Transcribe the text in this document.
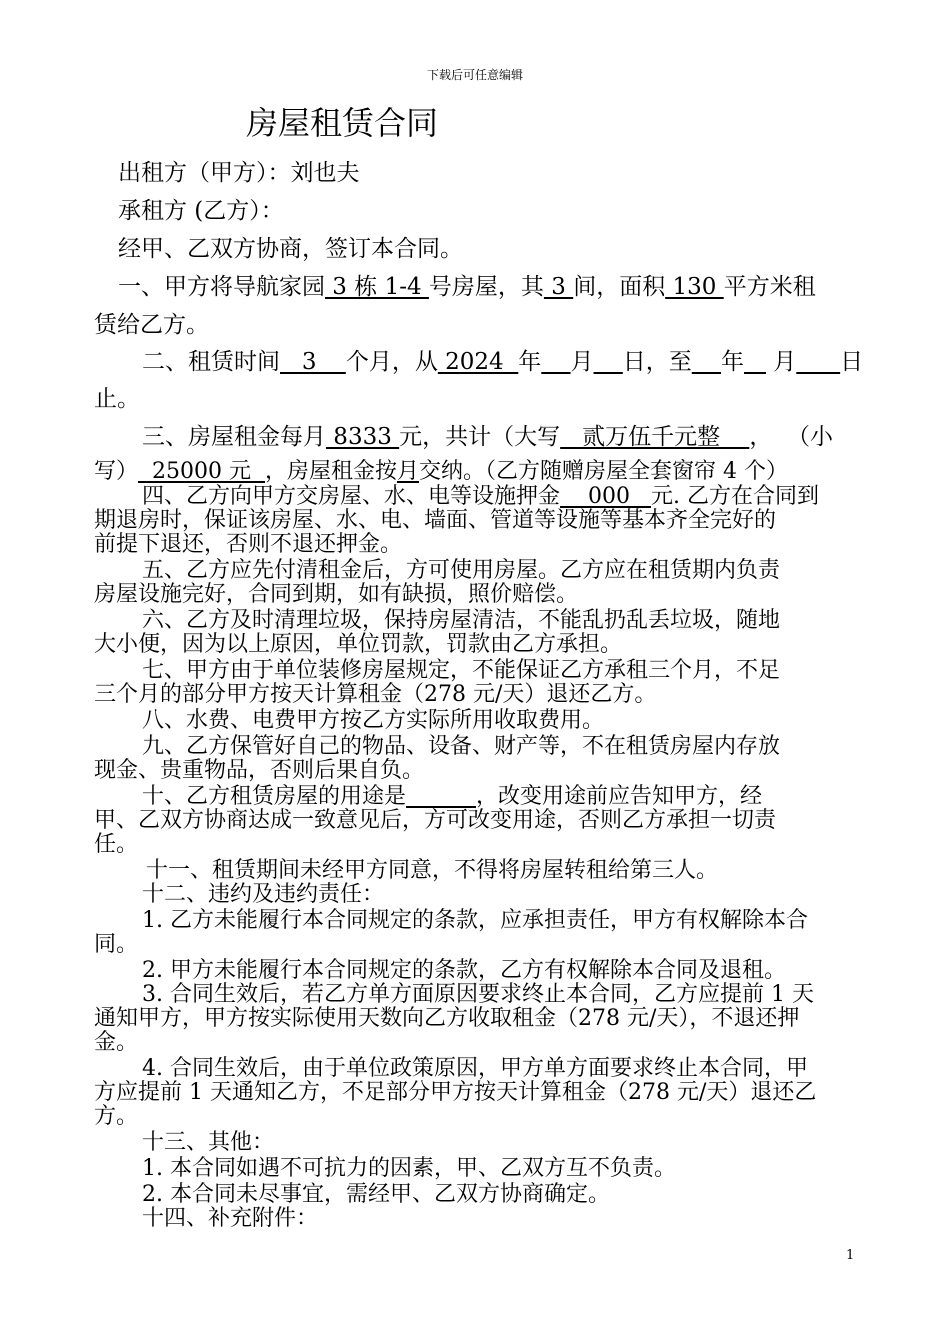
下载后可任意编辑
房屋租赁合同
出租方（甲方）：刘也夫
承租方 (乙方）：
经甲、乙双方协商，签订本合同。
一、甲方将导航家园 3 栋 1-4 号房屋，其 3 间，面积 130 平方米租
赁给乙方。
二、租赁时间   3    个月，从 2024  年 月 日，至 年    月 日
止。
三、房屋租金每月 8333 元，共计（大写   贰万伍千元整    ，  （小
写）  25000 元  ，房屋租金按月交纳。（乙方随赠房屋全套窗帘 4 个）
四、乙方向甲方交房屋、水、电等设施押金    000   元. 乙方在合同到
期退房时，保证该房屋、水、电、墙面、管道等设施等基本齐全完好的
前提下退还，否则不退还押金。
五、乙方应先付清租金后，方可使用房屋。乙方应在租赁期内负责
房屋设施完好，合同到期，如有缺损，照价赔偿。
六、乙方及时清理垃圾，保持房屋清洁，不能乱扔乱丢垃圾，随地
大小便，因为以上原因，单位罚款，罚款由乙方承担。
七、甲方由于单位装修房屋规定，不能保证乙方承租三个月，不足
三个月的部分甲方按天计算租金（278 元/天）退还乙方。
八、水费、电费甲方按乙方实际所用收取费用。
九、乙方保管好自己的物品、设备、财产等，不在租赁房屋内存放
现金、贵重物品，否则后果自负。
十、乙方租赁房屋的用途是	，改变用途前应告知甲方，经
甲、乙双方协商达成一致意见后，方可改变用途，否则乙方承担一切责
任。
十一、租赁期间未经甲方同意，不得将房屋转租给第三人。
十二、违约及违约责任：
1. 乙方未能履行本合同规定的条款，应承担责任，甲方有权解除本合
同。
2. 甲方未能履行本合同规定的条款，乙方有权解除本合同及退租。
3. 合同生效后，若乙方单方面原因要求终止本合同，乙方应提前 1 天
通知甲方，甲方按实际使用天数向乙方收取租金（278 元/天），不退还押
金。
4. 合同生效后，由于单位政策原因，甲方单方面要求终止本合同，甲
方应提前 1 天通知乙方，不足部分甲方按天计算租金（278 元/天）退还乙
方。
十三、其他：
1. 本合同如遇不可抗力的因素，甲、乙双方互不负责。
2. 本合同未尽事宜，需经甲、乙双方协商确定。
十四、补充附件：
1
